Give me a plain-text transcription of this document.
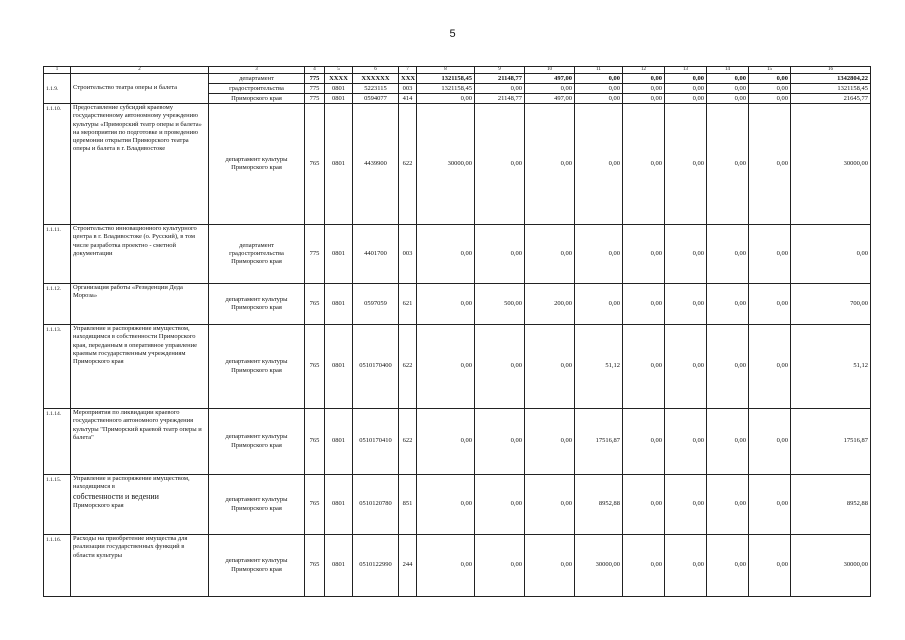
5
1	2	3	4	5	6	7	8	9	10	11	12	13	14	15	16
1.1.9.	Строительство театра оперы и балета	департамент	775	XXXX	XXXXXX	XXX	1321158,45	21148,77	497,00	0,00	0,00	0,00	0,00	0,00	1342804,22
		градостроительства	775	0801	5223115	003	1321158,45	0,00	0,00	0,00	0,00	0,00	0,00	0,00	1321158,45
		Приморского края	775	0801	0594077	414	0,00	21148,77	497,00	0,00	0,00	0,00	0,00	0,00	21645,77
1.1.10.	Предоставление субсидий краевому государственному автономному учреждению культуры «Приморский театр оперы и балета» на мероприятия по подготовке и проведению церемонии открытия Приморского театра оперы и балета в г. Владивостоке	департамент культуры Приморского края	765	0801	4439900	622	30000,00	0,00	0,00	0,00	0,00	0,00	0,00	0,00	30000,00
1.1.11.	Строительство инновационного культурного центра в г. Владивостоке (о. Русский), в том числе разработка проектно - сметной документации	департамент градостроительства Приморского края	775	0801	4401700	003	0,00	0,00	0,00	0,00	0,00	0,00	0,00	0,00	0,00
1.1.12.	Организация работы «Резиденции Деда Мороза»	департамент культуры Приморского края	765	0801	0597059	621	0,00	500,00	200,00	0,00	0,00	0,00	0,00	0,00	700,00
1.1.13.	Управление и распоряжение имуществом, находящимся в собственности Приморского края, переданным в оперативное управление краевым государственным учреждениям Приморского края	департамент культуры Приморского края	765	0801	0510170400	622	0,00	0,00	0,00	51,12	0,00	0,00	0,00	0,00	51,12
1.1.14.	Мероприятия по ликвидации краевого государственного автономного учреждения культуры "Приморский краевой театр оперы и балета"	департамент культуры Приморского края	765	0801	0510170410	622	0,00	0,00	0,00	17516,87	0,00	0,00	0,00	0,00	17516,87
1.1.15.	Управление и распоряжение имуществом, находящимся в
собственности и ведении
Приморского края	департамент культуры Приморского края	765	0801	0510120780	851	0,00	0,00	0,00	8952,88	0,00	0,00	0,00	0,00	8952,88
1.1.16.	Расходы на приобретение имущества для реализации государственных функций в области культуры	департамент культуры Приморского края	765	0801	0510122990	244	0,00	0,00	0,00	30000,00	0,00	0,00	0,00	0,00	30000,00
